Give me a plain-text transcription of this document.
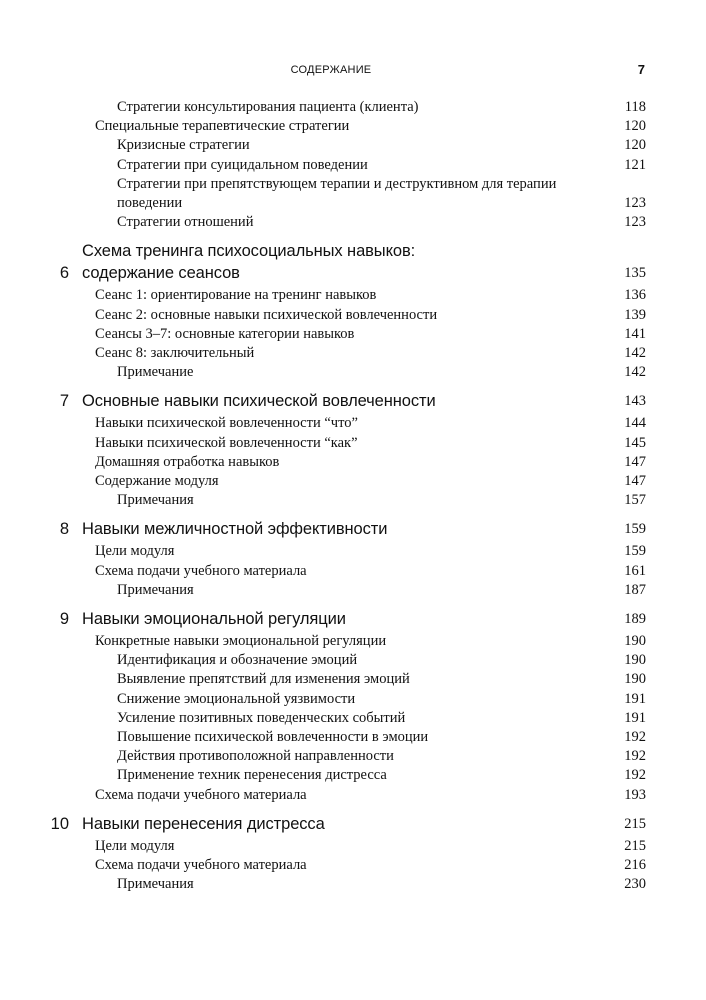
СОДЕРЖАНИЕ	7
Стратегии консультирования пациента (клиента)	118
Специальные терапевтические стратегии	120
Кризисные стратегии	120
Стратегии при суицидальном поведении	121
Стратегии при препятствующем терапии и деструктивном для терапии
поведении	123
Стратегии отношений	123
6
Схема тренинга психосоциальных навыков:
содержание сеансов	135
Сеанс 1: ориентирование на тренинг навыков	136
Сеанс 2: основные навыки психической вовлеченности	139
Сеансы 3–7: основные категории навыков	141
Сеанс 8: заключительный	142
Примечание	142
7 Основные навыки психической вовлеченности	143
Навыки психической вовлеченности “что”	144
Навыки психической вовлеченности “как”	145
Домашняя отработка навыков	147
Содержание модуля	147
Примечания	157
8 Навыки межличностной эффективности	159
Цели модуля	159
Схема подачи учебного материала	161
Примечания	187
9 Навыки эмоциональной регуляции	189
Конкретные навыки эмоциональной регуляции	190
Идентификация и обозначение эмоций	190
Выявление препятствий для изменения эмоций	190
Снижение эмоциональной уязвимости	191
Усиление позитивных поведенческих событий	191
Повышение психической вовлеченности в эмоции	192
Действия противоположной направленности	192
Применение техник перенесения дистресса	192
Схема подачи учебного материала	193
10 Навыки перенесения дистресса	215
Цели модуля	215
Схема подачи учебного материала	216
Примечания	230
